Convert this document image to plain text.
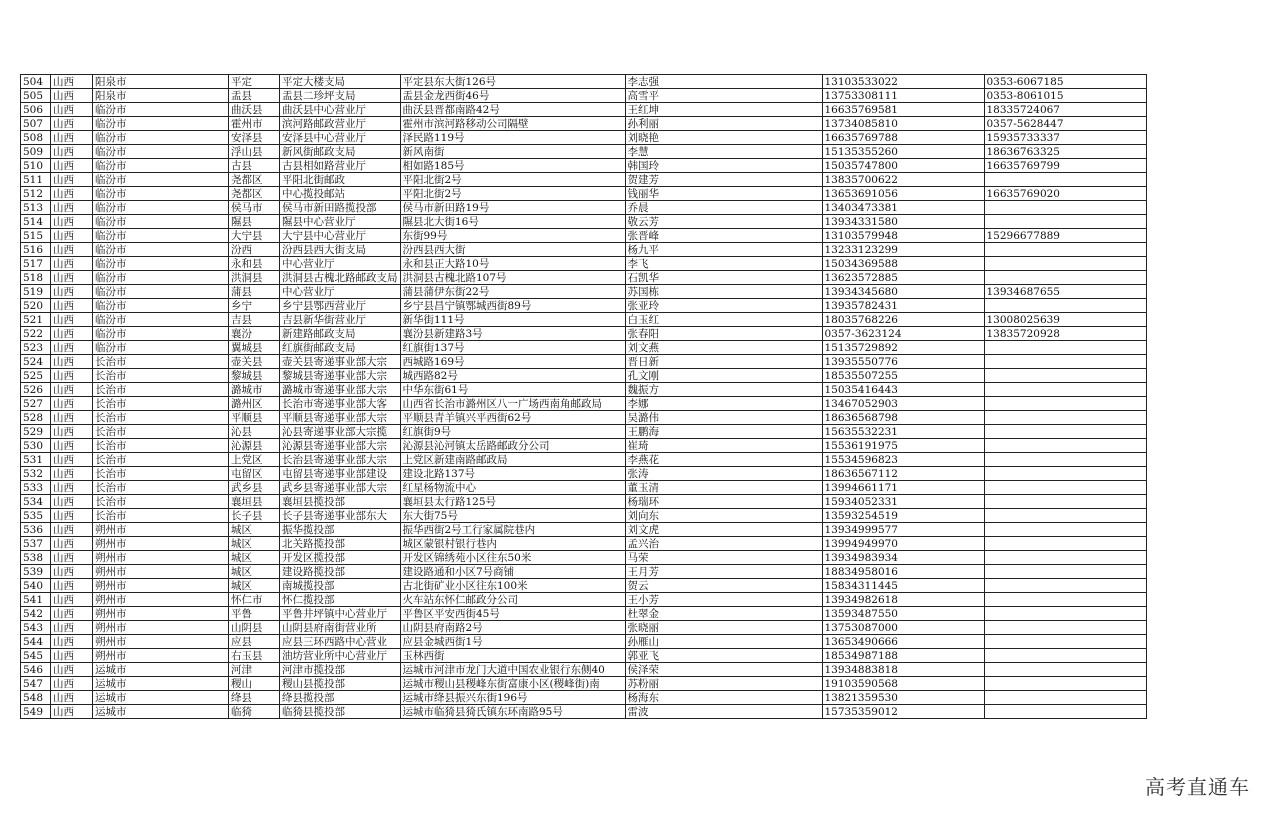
504	山西	阳泉市	平定	平定大楼支局	平定县东大街126号	李志强	13103533022	0353-6067185
505	山西	阳泉市	盂县	盂县二珍坪支局	盂县金龙西街46号	高雪平	13753308111	0353-8061015
506	山西	临汾市	曲沃县	曲沃县中心营业厅	曲沃县晋都南路42号	王红坤	16635769581	18335724067
507	山西	临汾市	霍州市	滨河路邮政营业厅	霍州市滨河路移动公司隔壁	孙利丽	13734085810	0357-5628447
508	山西	临汾市	安泽县	安泽县中心营业厅	泽民路119号	刘晓艳	16635769788	15935733337
509	山西	临汾市	浮山县	新风街邮政支局	新风南街	李慧	15135355260	18636763325
510	山西	临汾市	古县	古县相如路营业厅	相如路185号	韩国玲	15035747800	16635769799
511	山西	临汾市	尧都区	平阳北街邮政	平阳北街2号	贺建芳	13835700622	
512	山西	临汾市	尧都区	中心揽投邮站	平阳北街2号	钱丽华	13653691056	16635769020
513	山西	临汾市	侯马市	侯马市新田路揽投部	侯马市新田路19号	乔晨	13403473381	
514	山西	临汾市	隰县	隰县中心营业厅	隰县北大街16号	敬云芳	13934331580	
515	山西	临汾市	大宁县	大宁县中心营业厅	东街99号	张晋峰	13103579948	15296677889
516	山西	临汾市	汾西	汾西县西大街支局	汾西县西大街	杨九平	13233123299	
517	山西	临汾市	永和县	中心营业厅	永和县正大路10号	李飞	15034369588	
518	山西	临汾市	洪洞县	洪洞县古槐北路邮政支局	洪洞县古槐北路107号	石凯华	13623572885	
519	山西	临汾市	蒲县	中心营业厅	蒲县蒲伊东街22号	苏国栋	13934345680	13934687655
520	山西	临汾市	乡宁	乡宁县鄂西营业厅	乡宁县昌宁镇鄂城西街89号	张亚玲	13935782431	
521	山西	临汾市	吉县	吉县新华街营业厅	新华街111号	白玉红	18035768226	13008025639
522	山西	临汾市	襄汾	新建路邮政支局	襄汾县新建路3号	张春阳	0357-3623124	13835720928
523	山西	临汾市	翼城县	红旗街邮政支局	红旗街137号	刘文燕	15135729892	
524	山西	长治市	壶关县	壶关县寄递事业部大宗	西城路169号	晋日新	13935550776	
525	山西	长治市	黎城县	黎城县寄递事业部大宗	城西路82号	孔文刚	18535507255	
526	山西	长治市	潞城市	潞城市寄递事业部大宗	中华东街61号	魏振方	15035416443	
527	山西	长治市	潞州区	长治市寄递事业部大客	山西省长治市潞州区八一广场西南角邮政局	李娜	13467052903	
528	山西	长治市	平顺县	平顺县寄递事业部大宗	平顺县青羊镇兴平西街62号	吴潞伟	18636568798	
529	山西	长治市	沁县	沁县寄递事业部大宗揽	红旗街9号	王鹏海	15635532231	
530	山西	长治市	沁源县	沁源县寄递事业部大宗	沁源县沁河镇太岳路邮政分公司	崔琦	15536191975	
531	山西	长治市	上党区	长治县寄递事业部大宗	上党区新建南路邮政局	李燕花	15534596823	
532	山西	长治市	屯留区	屯留县寄递事业部建设	建设北路137号	张涛	18636567112	
533	山西	长治市	武乡县	武乡县寄递事业部大宗	红星杨物流中心	董玉清	13994661171	
534	山西	长治市	襄垣县	襄垣县揽投部	襄垣县太行路125号	杨瑞环	15934052331	
535	山西	长治市	长子县	长子县寄递事业部东大	东大街75号	刘向东	13593254519	
536	山西	朔州市	城区	振华揽投部	振华西街2号工行家属院巷内	刘文虎	13934999577	
537	山西	朔州市	城区	北关路揽投部	城区蒙银村银行巷内	孟兴治	13994949970	
538	山西	朔州市	城区	开发区揽投部	开发区锦绣苑小区往东50米	马荣	13934983934	
539	山西	朔州市	城区	建设路揽投部	建设路通和小区7号商铺	王月芳	18834958016	
540	山西	朔州市	城区	南城揽投部	古北街矿业小区往东100米	贺云	15834311445	
541	山西	朔州市	怀仁市	怀仁揽投部	火车站东怀仁邮政分公司	王小芳	13934982618	
542	山西	朔州市	平鲁	平鲁井坪镇中心营业厅	平鲁区平安西街45号	杜翠金	13593487550	
543	山西	朔州市	山阴县	山阴县府南街营业所	山阴县府南路2号	张晓丽	13753087000	
544	山西	朔州市	应县	应县三环西路中心营业	应县金城西街1号	孙雁山	13653490666	
545	山西	朔州市	右玉县	油坊营业所中心营业厅	玉林西街	郭亚飞	18534987188	
546	山西	运城市	河津	河津市揽投部	运城市河津市龙门大道中国农业银行东侧40	侯泽荣	13934883818	
547	山西	运城市	稷山	稷山县揽投部	运城市稷山县稷峰东街富康小区(稷峰街)南	苏粉丽	19103590568	
548	山西	运城市	绛县	绛县揽投部	运城市绛县振兴东街196号	杨海东	13821359530	
549	山西	运城市	临猗	临猗县揽投部	运城市临猗县猗氏镇东环南路95号	雷波	15735359012	
高考直通车
